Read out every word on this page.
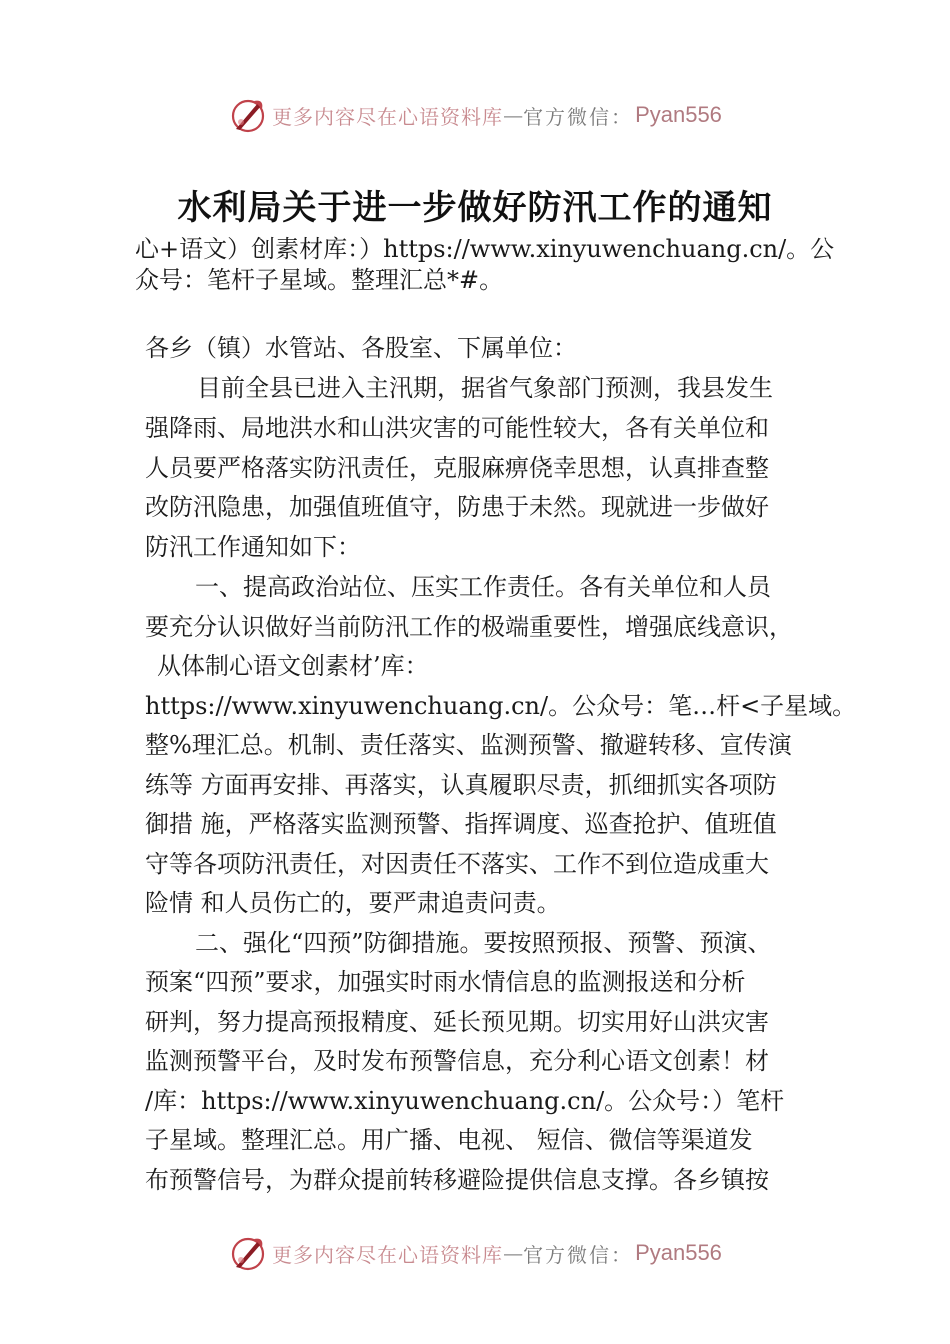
更多内容尽在心语资料库 — 官方微信： Pyan556
水利局关于进一步做好防汛工作的通知
心+语文）创素材库：）https://www.xinyuwenchuang.cn/。公
众号：笔杆子星域。整理汇总*#。
各乡（镇）水管站、各股室、下属单位：
目前全县已进入主汛期，据省气象部门预测，我县发生
强降雨、局地洪水和山洪灾害的可能性较大，各有关单位和
人员要严格落实防汛责任，克服麻痹侥幸思想，认真排查整
改防汛隐患，加强值班值守，防患于未然。现就进一步做好
防汛工作通知如下：
一、提高政治站位、压实工作责任。各有关单位和人员
要充分认识做好当前防汛工作的极端重要性，增强底线意识，
从体制心语文创素材’库：
https://www.xinyuwenchuang.cn/。公众号：笔…杆<子星域。
整%理汇总。机制、责任落实、监测预警、撤避转移、宣传演
练等 方面再安排、再落实，认真履职尽责，抓细抓实各项防
御措 施，严格落实监测预警、指挥调度、巡查抢护、值班值
守等各项防汛责任，对因责任不落实、工作不到位造成重大
险情 和人员伤亡的，要严肃追责问责。
二、强化“四预”防御措施。要按照预报、预警、预演、
预案“四预”要求，加强实时雨水情信息的监测报送和分析
研判，努力提高预报精度、延长预见期。切实用好山洪灾害
监测预警平台，及时发布预警信息，充分利心语文创素！材
/库：https://www.xinyuwenchuang.cn/。公众号：）笔杆
子星域。整理汇总。用广播、电视、 短信、微信等渠道发
布预警信号，为群众提前转移避险提供信息支撑。各乡镇按
更多内容尽在心语资料库 — 官方微信： Pyan556
